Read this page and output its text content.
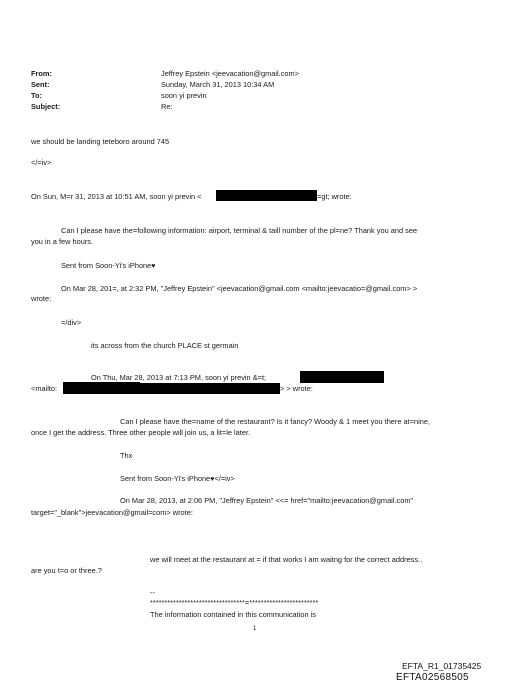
From:	Jeffrey Epstein <jeevacation@gmail.com>
Sent:	Sunday, March 31, 2013 10:34 AM
To:	soon yi previn
Subject:	Re:
we should be landing teteboro around 745
</=iv>
On Sun, M=r 31, 2013 at 10:51 AM, soon yi previn <	=gt; wrote:
Can I please have the=following information: airport, terminal & taill number of the pl=ne? Thank you and see
you in a few hours.
Sent from Soon-Yi's iPhone♥
On Mar 28, 201=, at 2:32 PM, "Jeffrey Epstein" <jeevacation@gmail.com <mailto:jeevacatio=@gmail.com> >
wrote:
=/div>
its across from the church PLACE st germain
On Thu, Mar 28, 2013 at 7:13 PM, soon yi previn &=t;
<mailto:	> > wrote:
Can I please have the=name of the restaurant? Is it fancy? Woody & 1 meet you there at=nine,
once I get the address. Three other people will join us, a lit=le later.
Thx
Sent from Soon-Yi's iPhone♥</=iv>
On Mar 28, 2013, at 2:06 PM, "Jeffrey Epstein" <<= href="mailto:jeevacation@gmail.com"
target="_blank">jeevacation@gmail=com> wrote:
we will meet at the restaurant at = if that works I am waitng for the correct address..
are you t=o or three.?
--
*********************************=************************
The information contained in this communication is
1
EFTA_R1_01735425
EFTA02568505
